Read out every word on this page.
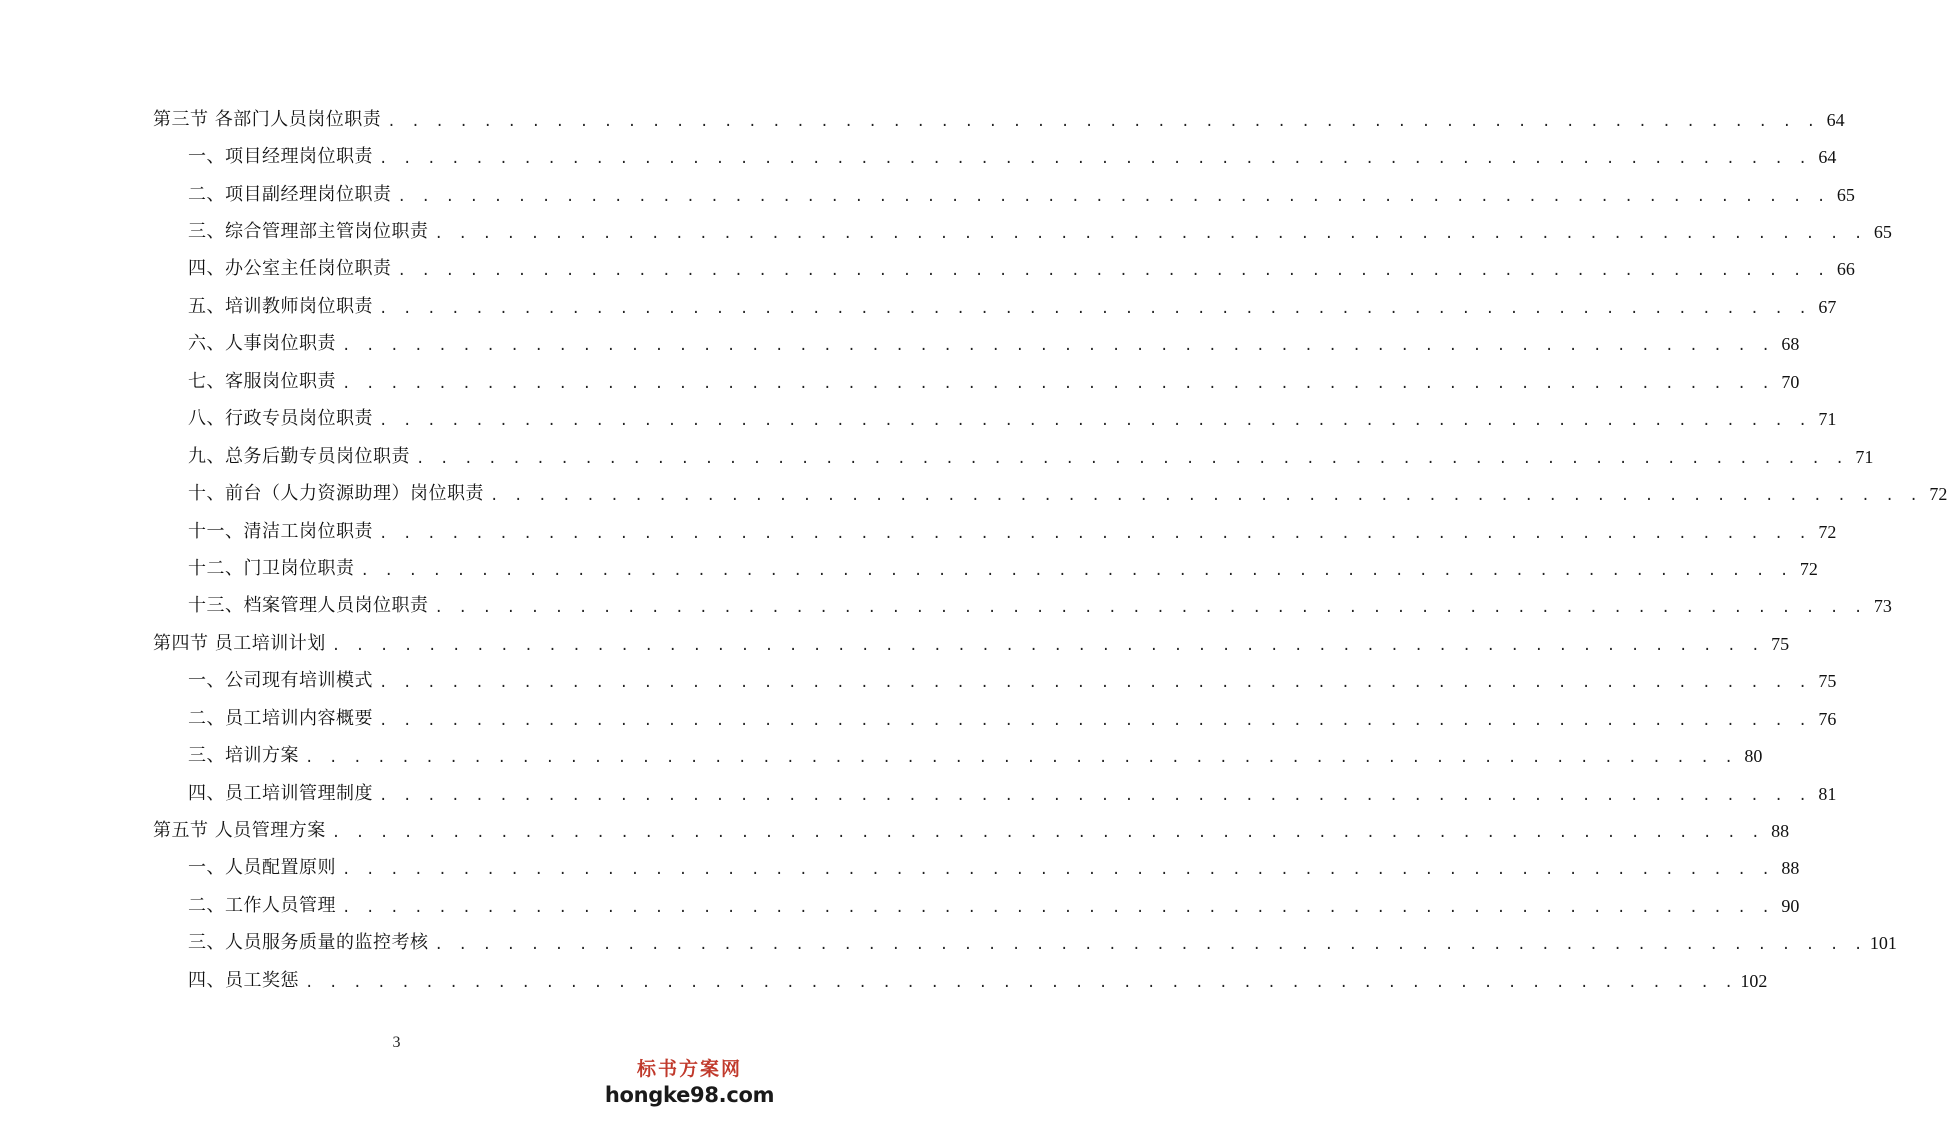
第三节 各部门人员岗位职责 . . . . . . . . . . . . . . . . . . . . . . . . . . . . . . . . . . . . . . . . . . . . . . . . . . . . . . . . . . . . 64
一、项目经理岗位职责 . . . . . . . . . . . . . . . . . . . . . . . . . . . . . . . . . . . . . . . . . . . . . . . . . . . . . . . . . . . . 64
二、项目副经理岗位职责 . . . . . . . . . . . . . . . . . . . . . . . . . . . . . . . . . . . . . . . . . . . . . . . . . . . . . . . . . . . . 65
三、综合管理部主管岗位职责 . . . . . . . . . . . . . . . . . . . . . . . . . . . . . . . . . . . . . . . . . . . . . . . . . . . . . . . . . . . . 65
四、办公室主任岗位职责 . . . . . . . . . . . . . . . . . . . . . . . . . . . . . . . . . . . . . . . . . . . . . . . . . . . . . . . . . . . . 66
五、培训教师岗位职责 . . . . . . . . . . . . . . . . . . . . . . . . . . . . . . . . . . . . . . . . . . . . . . . . . . . . . . . . . . . . 67
六、人事岗位职责 . . . . . . . . . . . . . . . . . . . . . . . . . . . . . . . . . . . . . . . . . . . . . . . . . . . . . . . . . . . . 68
七、客服岗位职责 . . . . . . . . . . . . . . . . . . . . . . . . . . . . . . . . . . . . . . . . . . . . . . . . . . . . . . . . . . . . 70
八、行政专员岗位职责 . . . . . . . . . . . . . . . . . . . . . . . . . . . . . . . . . . . . . . . . . . . . . . . . . . . . . . . . . . . . 71
九、总务后勤专员岗位职责 . . . . . . . . . . . . . . . . . . . . . . . . . . . . . . . . . . . . . . . . . . . . . . . . . . . . . . . . . . . . 71
十、前台（人力资源助理）岗位职责 . . . . . . . . . . . . . . . . . . . . . . . . . . . . . . . . . . . . . . . . . . . . . . . . . . . . . . . . . . . . 72
十一、清洁工岗位职责 . . . . . . . . . . . . . . . . . . . . . . . . . . . . . . . . . . . . . . . . . . . . . . . . . . . . . . . . . . . . 72
十二、门卫岗位职责 . . . . . . . . . . . . . . . . . . . . . . . . . . . . . . . . . . . . . . . . . . . . . . . . . . . . . . . . . . . . 72
十三、档案管理人员岗位职责 . . . . . . . . . . . . . . . . . . . . . . . . . . . . . . . . . . . . . . . . . . . . . . . . . . . . . . . . . . . . 73
第四节 员工培训计划 . . . . . . . . . . . . . . . . . . . . . . . . . . . . . . . . . . . . . . . . . . . . . . . . . . . . . . . . . . . . 75
一、公司现有培训模式 . . . . . . . . . . . . . . . . . . . . . . . . . . . . . . . . . . . . . . . . . . . . . . . . . . . . . . . . . . . . 75
二、员工培训内容概要 . . . . . . . . . . . . . . . . . . . . . . . . . . . . . . . . . . . . . . . . . . . . . . . . . . . . . . . . . . . . 76
三、培训方案 . . . . . . . . . . . . . . . . . . . . . . . . . . . . . . . . . . . . . . . . . . . . . . . . . . . . . . . . . . . . 80
四、员工培训管理制度 . . . . . . . . . . . . . . . . . . . . . . . . . . . . . . . . . . . . . . . . . . . . . . . . . . . . . . . . . . . . 81
第五节 人员管理方案 . . . . . . . . . . . . . . . . . . . . . . . . . . . . . . . . . . . . . . . . . . . . . . . . . . . . . . . . . . . . 88
一、人员配置原则 . . . . . . . . . . . . . . . . . . . . . . . . . . . . . . . . . . . . . . . . . . . . . . . . . . . . . . . . . . . . 88
二、工作人员管理 . . . . . . . . . . . . . . . . . . . . . . . . . . . . . . . . . . . . . . . . . . . . . . . . . . . . . . . . . . . . 90
三、人员服务质量的监控考核 . . . . . . . . . . . . . . . . . . . . . . . . . . . . . . . . . . . . . . . . . . . . . . . . . . . . . . . . . . . . 101
四、员工奖惩 . . . . . . . . . . . . . . . . . . . . . . . . . . . . . . . . . . . . . . . . . . . . . . . . . . . . . . . . . . . . 102
3
标书方案网
hongke98.com
